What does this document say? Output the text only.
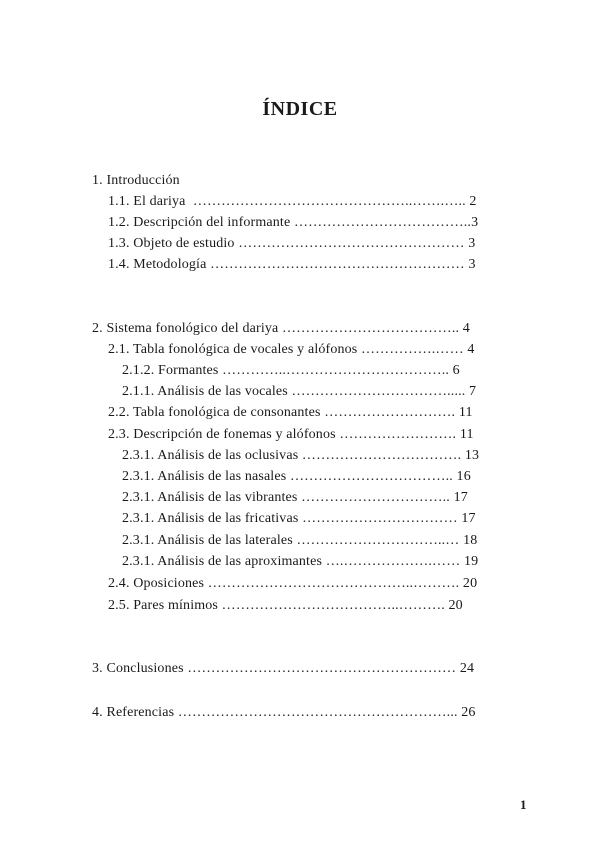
ÍNDICE
1. Introducción
1.1. El dariya  ………………………………………..…….….. 2
1.2. Descripción del informante ………………………………..3
1.3. Objeto de estudio ………………………………………… 3
1.4. Metodología ……………………………………………… 3
2. Sistema fonológico del dariya ……………………………….. 4
2.1. Tabla fonológica de vocales y alófonos …………….…… 4
2.1.2. Formantes …………..…………………………….. 6
2.1.1. Análisis de las vocales ……………………………..... 7
2.2. Tabla fonológica de consonantes ………………………. 11
2.3. Descripción de fonemas y alófonos ……………………. 11
2.3.1. Análisis de las oclusivas ……………………………. 13
2.3.1. Análisis de las nasales …………………………….. 16
2.3.1. Análisis de las vibrantes ………………………….. 17
2.3.1. Análisis de las fricativas …………………………… 17
2.3.1. Análisis de las laterales …………………………..… 18
2.3.1. Análisis de las aproximantes ….……………….…… 19
2.4. Oposiciones ……………………………………..………. 20
2.5. Pares mínimos ………………………………..………. 20
3. Conclusiones ………………………………………………… 24
4. Referencias …………………………………………………... 26
1
